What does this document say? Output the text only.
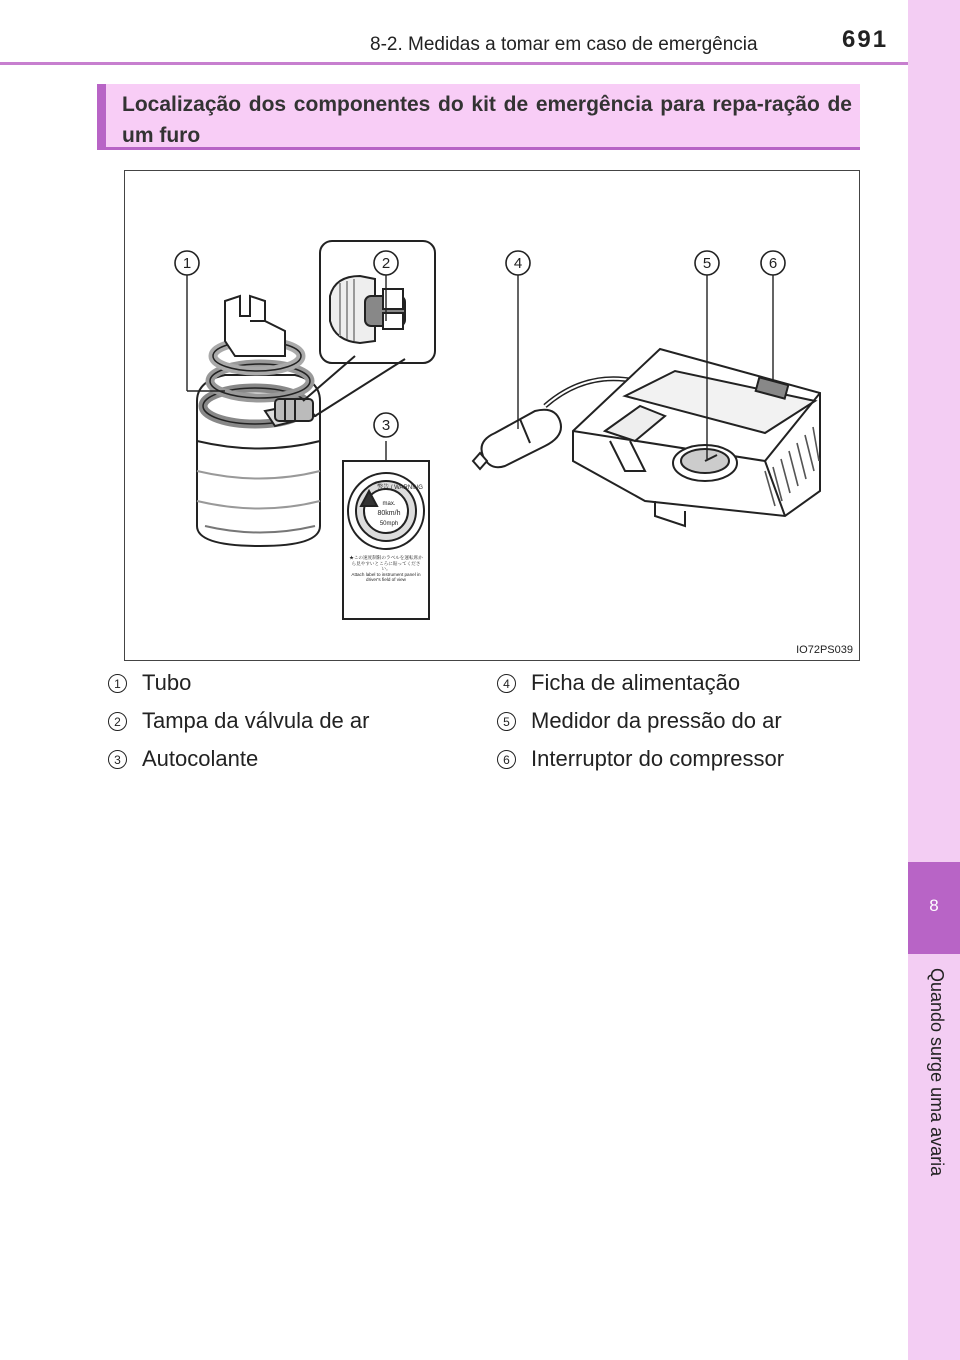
8-2. Medidas a tomar em caso de emergência	691
8
Quando surge uma avaria
Localização dos componentes do kit de emergência para repa-ração de um furo
1	2
3
4	5	6
警告 / WARNING
max.
80km/h
50mph
★この速度制限のラベルを運転席から見やすいところに貼ってください。
Attach label to instrument panel in driver's field of view
IO72PS039
1 Tubo
2 Tampa da válvula de ar
3 Autocolante
4 Ficha de alimentação
5 Medidor da pressão do ar
6 Interruptor do compressor
